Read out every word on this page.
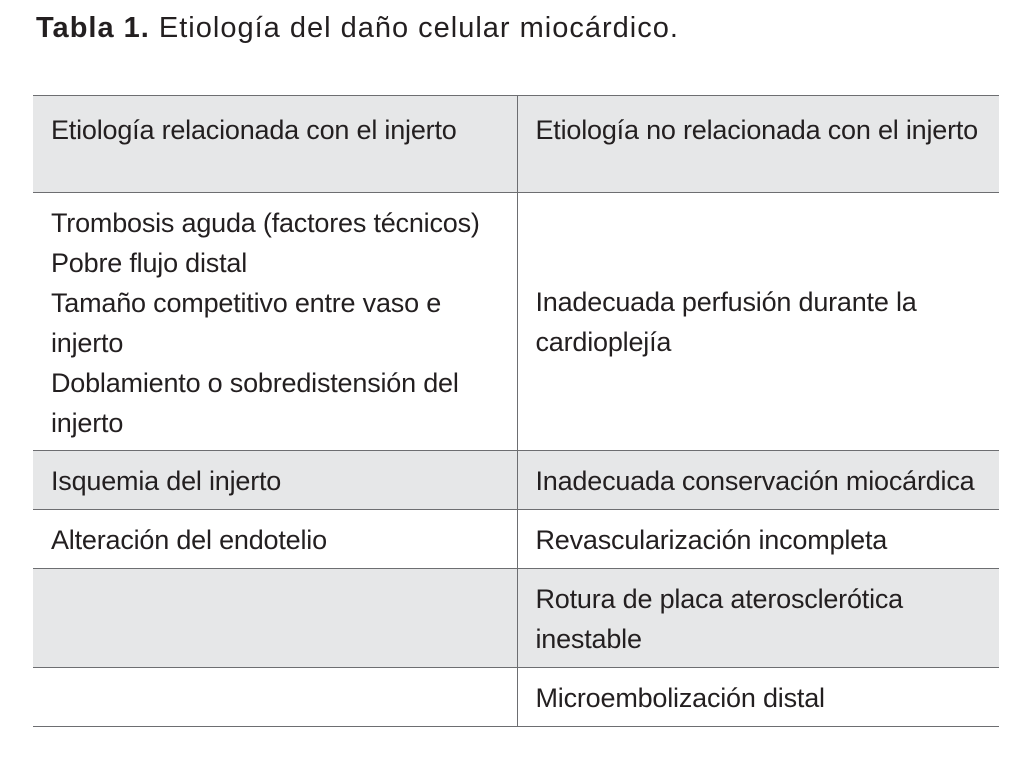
Tabla 1. Etiología del daño celular miocárdico.
Etiología relacionada con el injerto	Etiología no relacionada con el injerto

Trombosis aguda (factores técnicos)
Pobre flujo distal
Tamaño competitivo entre vaso e injerto
Doblamiento o sobredistensión del injerto	Inadecuada perfusión durante la cardioplejía
Isquemia del injerto	Inadecuada conservación miocárdica
Alteración del endotelio	Revascularización incompleta
	Rotura de placa aterosclerótica inestable
	Microembolización distal
